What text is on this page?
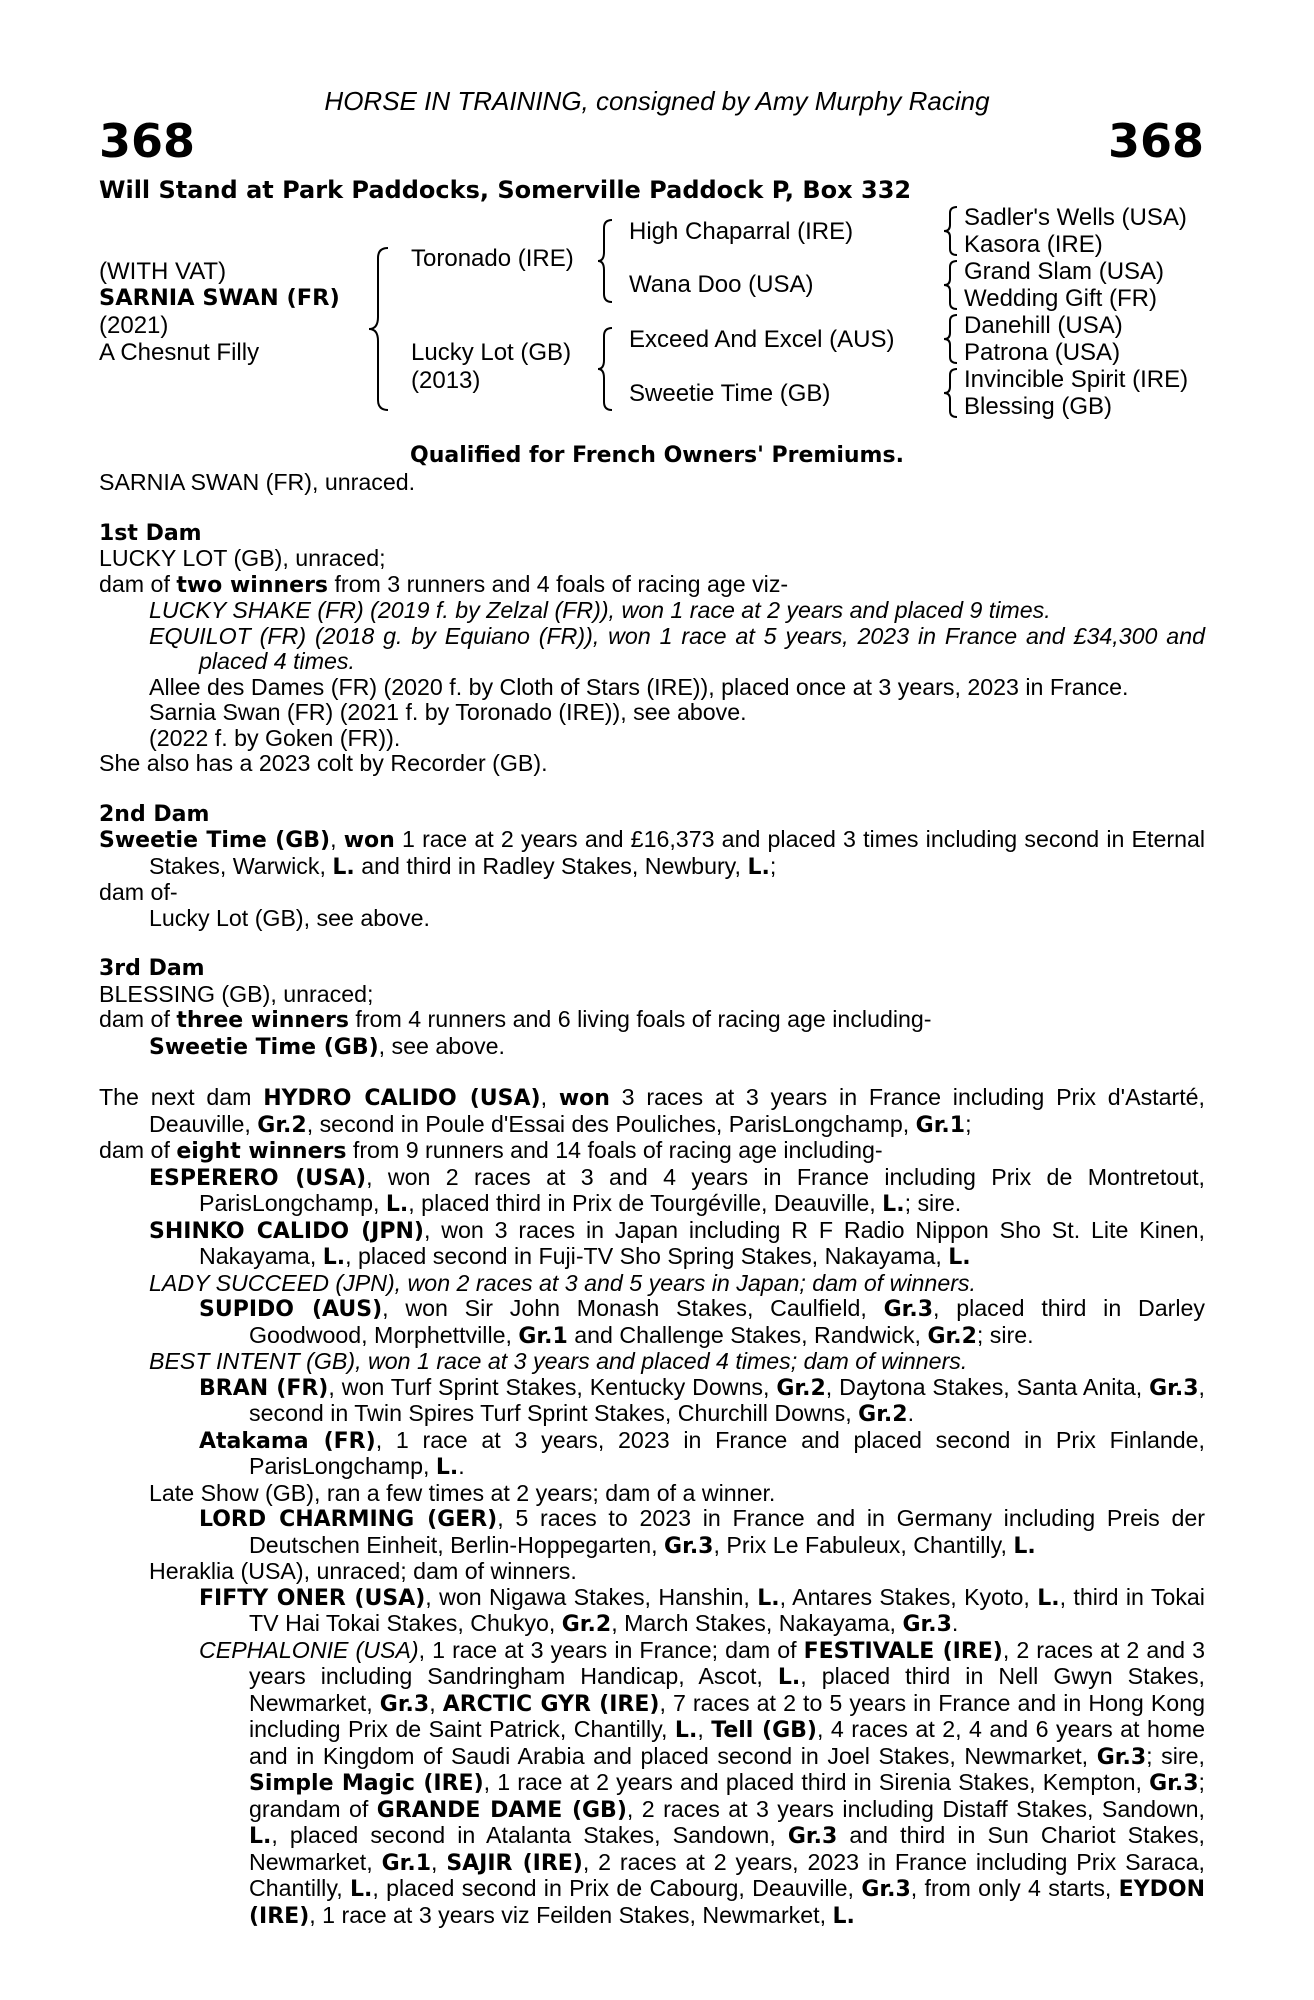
HORSE IN TRAINING, consigned by Amy Murphy Racing
368	368
Will Stand at Park Paddocks, Somerville Paddock P, Box 332
(WITH VAT)
SARNIA SWAN (FR)
(2021)
A Chesnut Filly
Toronado (IRE)
Lucky Lot (GB)
(2013)
High Chaparral (IRE)
Wana Doo (USA)
Exceed And Excel (AUS)
Sweetie Time (GB)
Sadler's Wells (USA)
Kasora (IRE)
Grand Slam (USA)
Wedding Gift (FR)
Danehill (USA)
Patrona (USA)
Invincible Spirit (IRE)
Blessing (GB)
Qualified for French Owners' Premiums.

SARNIA SWAN (FR), unraced.

1st Dam

LUCKY LOT (GB), unraced;

dam of two winners from 3 runners and 4 foals of racing age viz-

LUCKY SHAKE (FR) (2019 f. by Zelzal (FR)), won 1 race at 2 years and placed 9 times.

EQUILOT (FR) (2018 g. by Equiano (FR)), won 1 race at 5 years, 2023 in France and £34,300 and placed 4 times.

Allee des Dames (FR) (2020 f. by Cloth of Stars (IRE)), placed once at 3 years, 2023 in France.

Sarnia Swan (FR) (2021 f. by Toronado (IRE)), see above.

(2022 f. by Goken (FR)).

She also has a 2023 colt by Recorder (GB).

2nd Dam

Sweetie Time (GB), won 1 race at 2 years and £16,373 and placed 3 times including second in Eternal Stakes, Warwick, L. and third in Radley Stakes, Newbury, L.;

dam of-

Lucky Lot (GB), see above.

3rd Dam

BLESSING (GB), unraced;

dam of three winners from 4 runners and 6 living foals of racing age including-

Sweetie Time (GB), see above.

The next dam HYDRO CALIDO (USA), won 3 races at 3 years in France including Prix d'Astarté, Deauville, Gr.2, second in Poule d'Essai des Pouliches, ParisLongchamp, Gr.1;

dam of eight winners from 9 runners and 14 foals of racing age including-

ESPERERO (USA), won 2 races at 3 and 4 years in France including Prix de Montretout, ParisLongchamp, L., placed third in Prix de Tourgéville, Deauville, L.; sire.

SHINKO CALIDO (JPN), won 3 races in Japan including R F Radio Nippon Sho St. Lite Kinen, Nakayama, L., placed second in Fuji-TV Sho Spring Stakes, Nakayama, L.

LADY SUCCEED (JPN), won 2 races at 3 and 5 years in Japan; dam of winners.

SUPIDO (AUS), won Sir John Monash Stakes, Caulfield, Gr.3, placed third in Darley Goodwood, Morphettville, Gr.1 and Challenge Stakes, Randwick, Gr.2; sire.

BEST INTENT (GB), won 1 race at 3 years and placed 4 times; dam of winners.

BRAN (FR), won Turf Sprint Stakes, Kentucky Downs, Gr.2, Daytona Stakes, Santa Anita, Gr.3, second in Twin Spires Turf Sprint Stakes, Churchill Downs, Gr.2.

Atakama (FR), 1 race at 3 years, 2023 in France and placed second in Prix Finlande, ParisLongchamp, L..

Late Show (GB), ran a few times at 2 years; dam of a winner.

LORD CHARMING (GER), 5 races to 2023 in France and in Germany including Preis der Deutschen Einheit, Berlin-Hoppegarten, Gr.3, Prix Le Fabuleux, Chantilly, L.

Heraklia (USA), unraced; dam of winners.

FIFTY ONER (USA), won Nigawa Stakes, Hanshin, L., Antares Stakes, Kyoto, L., third in Tokai TV Hai Tokai Stakes, Chukyo, Gr.2, March Stakes, Nakayama, Gr.3.

CEPHALONIE (USA), 1 race at 3 years in France; dam of FESTIVALE (IRE), 2 races at 2 and 3 years including Sandringham Handicap, Ascot, L., placed third in Nell Gwyn Stakes, Newmarket, Gr.3, ARCTIC GYR (IRE), 7 races at 2 to 5 years in France and in Hong Kong including Prix de Saint Patrick, Chantilly, L., Tell (GB), 4 races at 2, 4 and 6 years at home and in Kingdom of Saudi Arabia and placed second in Joel Stakes, Newmarket, Gr.3; sire, Simple Magic (IRE), 1 race at 2 years and placed third in Sirenia Stakes, Kempton, Gr.3; grandam of GRANDE DAME (GB), 2 races at 3 years including Distaff Stakes, Sandown, L., placed second in Atalanta Stakes, Sandown, Gr.3 and third in Sun Chariot Stakes, Newmarket, Gr.1, SAJIR (IRE), 2 races at 2 years, 2023 in France including Prix Saraca, Chantilly, L., placed second in Prix de Cabourg, Deauville, Gr.3, from only 4 starts, EYDON (IRE), 1 race at 3 years viz Feilden Stakes, Newmarket, L.
